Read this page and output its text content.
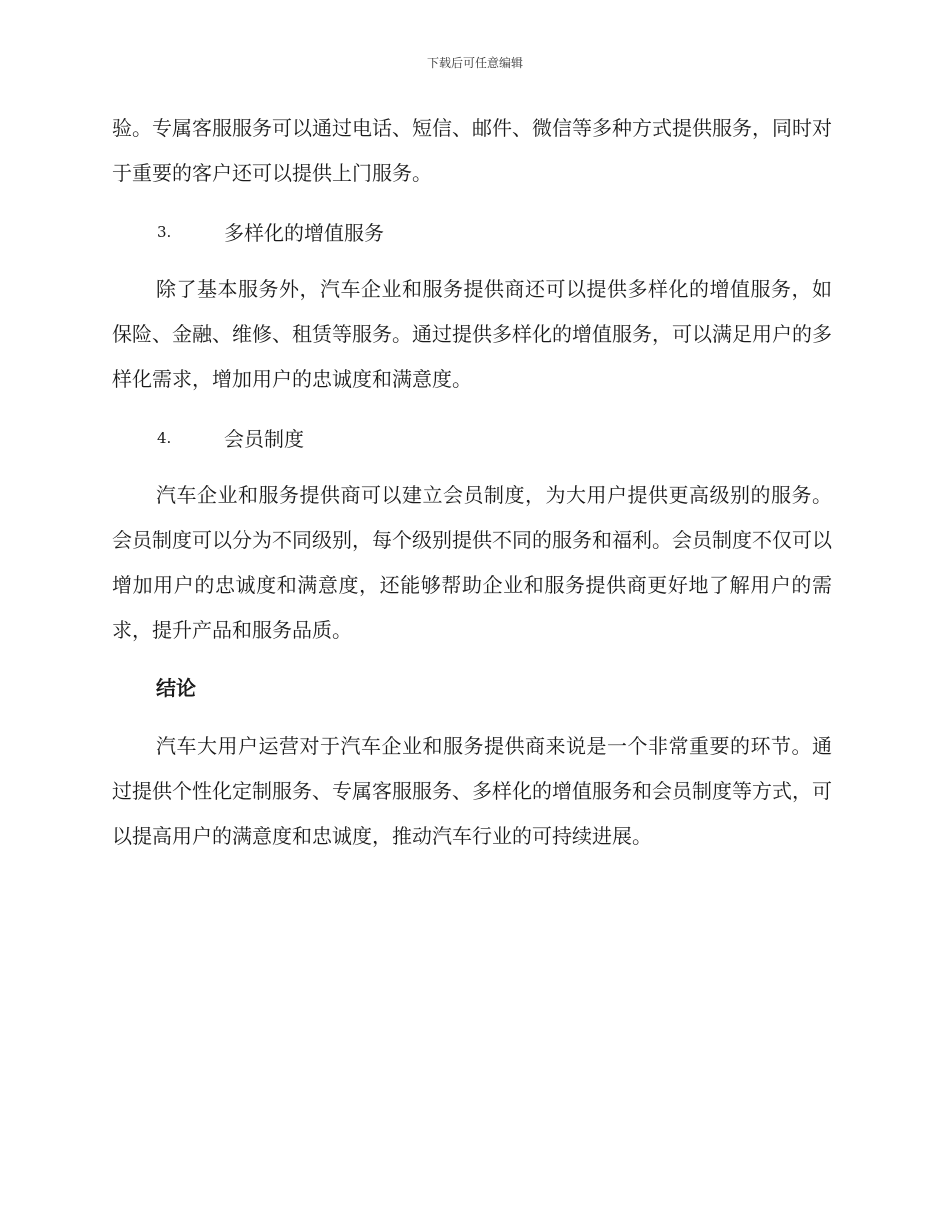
下载后可任意编辑

验。专属客服服务可以通过电话、短信、邮件、微信等多种方式提供服务，同时对于重要的客户还可以提供上门服务。

3.	多样化的增值服务

除了基本服务外，汽车企业和服务提供商还可以提供多样化的增值服务，如保险、金融、维修、租赁等服务。通过提供多样化的增值服务，可以满足用户的多样化需求，增加用户的忠诚度和满意度。

4.	会员制度

汽车企业和服务提供商可以建立会员制度，为大用户提供更高级别的服务。会员制度可以分为不同级别，每个级别提供不同的服务和福利。会员制度不仅可以增加用户的忠诚度和满意度，还能够帮助企业和服务提供商更好地了解用户的需求，提升产品和服务品质。

结论

汽车大用户运营对于汽车企业和服务提供商来说是一个非常重要的环节。通过提供个性化定制服务、专属客服服务、多样化的增值服务和会员制度等方式，可以提高用户的满意度和忠诚度，推动汽车行业的可持续进展。
